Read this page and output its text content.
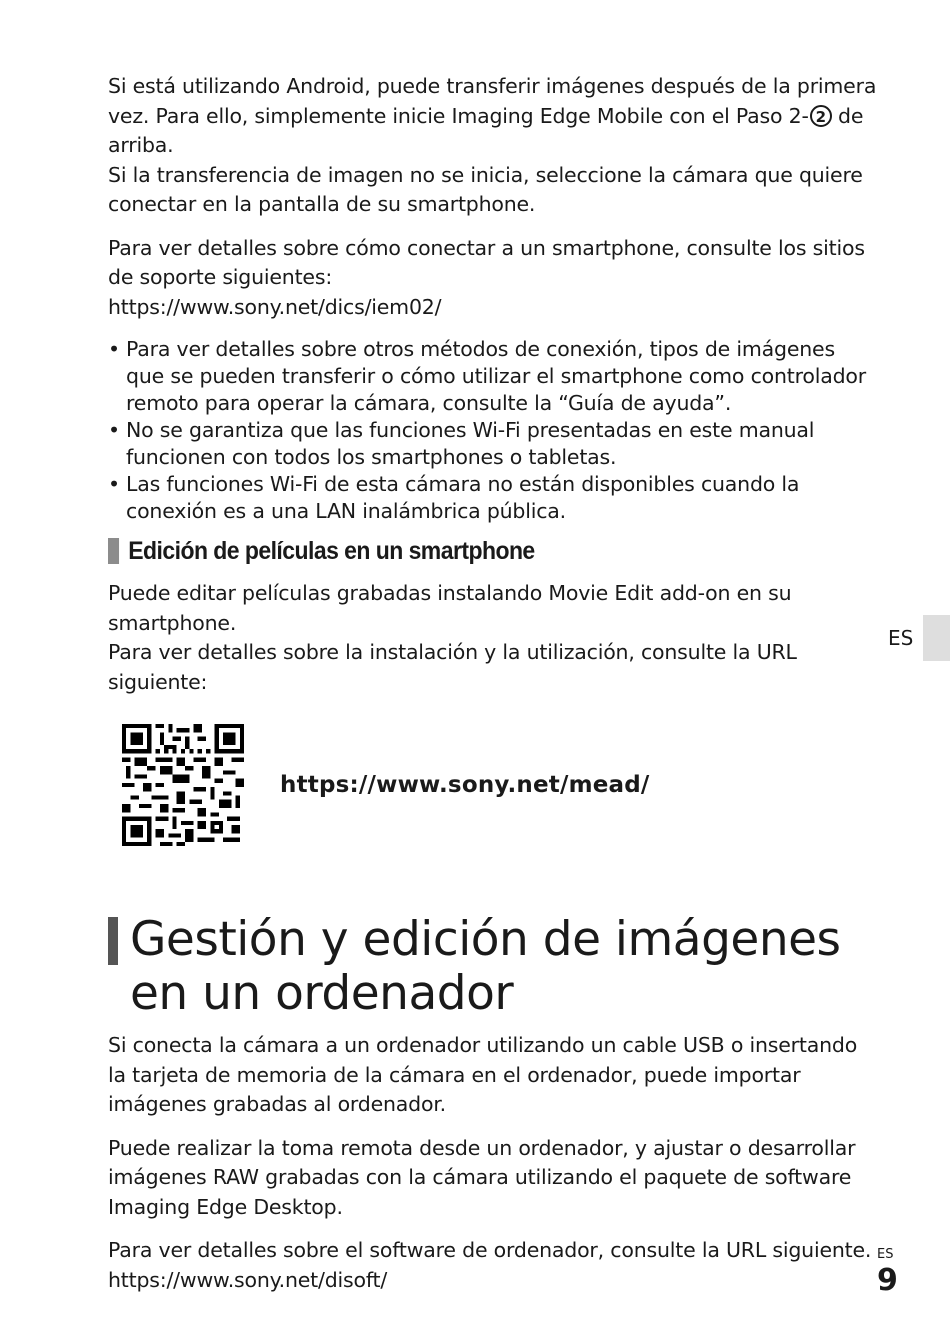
Si está utilizando Android, puede transferir imágenes después de la primera vez. Para ello, simplemente inicie Imaging Edge Mobile con el Paso 2- 2 de arriba.
Si la transferencia de imagen no se inicia, seleccione la cámara que quiere conectar en la pantalla de su smartphone.

Para ver detalles sobre cómo conectar a un smartphone, consulte los sitios de soporte siguientes:
https://www.sony.net/dics/iem02/

• Para ver detalles sobre otros métodos de conexión, tipos de imágenes que se pueden transferir o cómo utilizar el smartphone como controlador remoto para operar la cámara, consulte la “Guía de ayuda”.
• No se garantiza que las funciones Wi-Fi presentadas en este manual funcionen con todos los smartphones o tabletas.
• Las funciones Wi-Fi de esta cámara no están disponibles cuando la conexión es a una LAN inalámbrica pública.
Edición de películas en un smartphone

Puede editar películas grabadas instalando Movie Edit add-on en su smartphone.
Para ver detalles sobre la instalación y la utilización, consulte la URL siguiente:

https://www.sony.net/mead/
Gestión y edición de imágenes
en un ordenador

Si conecta la cámara a un ordenador utilizando un cable USB o insertando la tarjeta de memoria de la cámara en el ordenador, puede importar imágenes grabadas al ordenador.

Puede realizar la toma remota desde un ordenador, y ajustar o desarrollar imágenes RAW grabadas con la cámara utilizando el paquete de software Imaging Edge Desktop.

Para ver detalles sobre el software de ordenador, consulte la URL siguiente.
https://www.sony.net/disoft/

ES
ES
9
